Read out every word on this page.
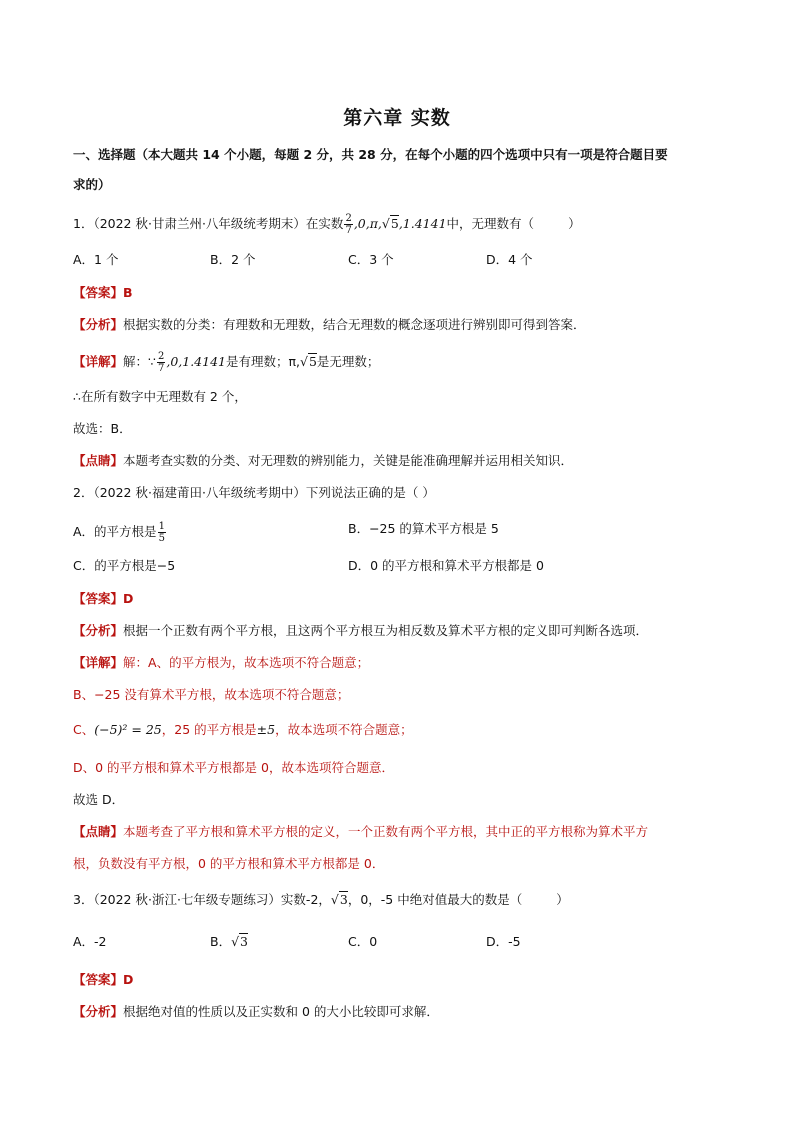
第六章 实数
一、选择题（本大题共 14 个小题，每题 2 分，共 28 分，在每个小题的四个选项中只有一项是符合题目要
求的）
1．（2022 秋·甘肃兰州·八年级统考期末）在实数 $\frac{2}{7} ,0,\pi,√5,1.4141$中，无理数有（	）
A．1 个	B．2 个	C．3 个	D．4 个
【答案】B
【分析】根据实数的分类：有理数和无理数，结合无理数的概念逐项进行辨别即可得到答案．
【详解】解：∵ $\frac{2}{7} ,0,1.4141$是有理数；π,√5是无理数；
∴在所有数字中无理数有 2 个，
故选：B．
【点睛】本题考查实数的分类、对无理数的辨别能力，关键是能准确理解并运用相关知识．
2．（2022 秋·福建莆田·八年级统考期中）下列说法正确的是（ ）
A．的平方根是 $\frac{1}{5}$	B．−25 的算术平方根是 5
C．的平方根是−5	D．0 的平方根和算术平方根都是 0
【答案】D
【分析】根据一个正数有两个平方根，且这两个平方根互为相反数及算术平方根的定义即可判断各选项．
【详解】解：A、的平方根为，故本选项不符合题意；
B、−25 没有算术平方根，故本选项不符合题意；
C、(−5)² = 25，25 的平方根是±5，故本选项不符合题意；
D、0 的平方根和算术平方根都是 0，故本选项符合题意．
故选 D．
【点睛】本题考查了平方根和算术平方根的定义，一个正数有两个平方根，其中正的平方根称为算术平方
根，负数没有平方根，0 的平方根和算术平方根都是 0．
3．（2022 秋·浙江·七年级专题练习）实数-2，√3，0，-5 中绝对值最大的数是（	）
A．-2	B．√3	C．0	D．-5
【答案】D
【分析】根据绝对值的性质以及正实数和 0 的大小比较即可求解．
